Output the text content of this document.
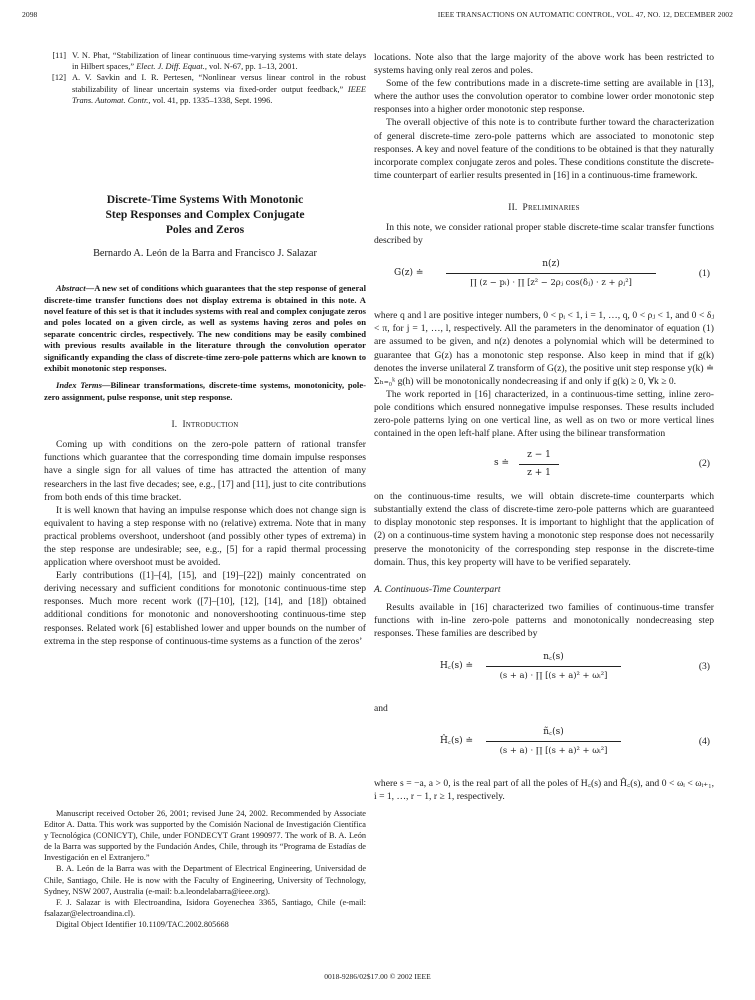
2098	IEEE TRANSACTIONS ON AUTOMATIC CONTROL, VOL. 47, NO. 12, DECEMBER 2002
[11] V. N. Phat, “Stabilization of linear continuous time-varying systems with state delays in Hilbert spaces,” Elect. J. Diff. Equat., vol. N-67, pp. 1–13, 2001.
[12] A. V. Savkin and I. R. Pertesen, “Nonlinear versus linear control in the robust stabilizability of linear uncertain systems via fixed-order output feedback,” IEEE Trans. Automat. Contr., vol. 41, pp. 1335–1338, Sept. 1996.
Discrete-Time Systems With Monotonic
Step Responses and Complex Conjugate
Poles and Zeros
Bernardo A. León de la Barra and Francisco J. Salazar

Abstract—A new set of conditions which guarantees that the step response of general discrete-time transfer functions does not display extrema is obtained in this note. A novel feature of this set is that it includes systems with real and complex conjugate zeros and poles located on a given circle, as well as systems having zeros and poles on separate concentric circles, respectively. The new conditions may be easily combined with previous results available in the literature through the convolution operator significantly expanding the class of discrete-time zero-pole patterns which are known to exhibit monotonic step responses.

Index Terms—Bilinear transformations, discrete-time systems, monotonicity, pole-zero assignment, pulse response, unit step response.

I. Introduction

Coming up with conditions on the zero-pole pattern of rational transfer functions which guarantee that the corresponding time domain impulse responses have a single sign for all values of time has attracted the attention of many researchers in the last five decades; see, e.g., [17] and [11], just to cite contributions from both ends of this time bracket.

It is well known that having an impulse response which does not change sign is equivalent to having a step response with no (relative) extrema. Note that in many practical problems overshoot, undershoot (and possibly other types of extrema) in the step response are undesirable; see, e.g., [5] for a rapid thermal processing application where overshoot must be avoided.

Early contributions ([1]–[4], [15], and [19]–[22]) mainly concentrated on deriving necessary and sufficient conditions for monotonic continuous-time step responses. Much more recent work ([7]–[10], [12], [14], and [18]) obtained additional conditions for monotonic and nonovershooting continuous-time step responses. Related work [6] established lower and upper bounds on the number of extrema in the step response of continuous-time systems as a function of the zeros’

Manuscript received October 26, 2001; revised June 24, 2002. Recommended by Associate Editor A. Datta. This work was supported by the Comisión Nacional de Investigación Científica y Tecnológica (CONICYT), Chile, under FONDECYT Grant 1990977. The work of B. A. León de la Barra was supported by the Fundación Andes, Chile, through its “Programa de Estadías de Investigación en el Extranjero.”

B. A. León de la Barra was with the Department of Electrical Engineering, Universidad de Chile, Santiago, Chile. He is now with the Faculty of Engineering, University of Technology, Sydney, NSW 2007, Australia (e-mail: b.a.leondelabarra@ieee.org).

F. J. Salazar is with Electroandina, Isidora Goyenechea 3365, Santiago, Chile (e-mail: fsalazar@electroandina.cl).

Digital Object Identifier 10.1109/TAC.2002.805668

locations. Note also that the large majority of the above work has been restricted to systems having only real zeros and poles.

Some of the few contributions made in a discrete-time setting are available in [13], where the author uses the convolution operator to combine lower order monotonic step responses into a higher order monotonic step response.

The overall objective of this note is to contribute further toward the characterization of general discrete-time zero-pole patterns which are associated to monotonic step responses. A key and novel feature of the conditions to be obtained is that they naturally incorporate complex conjugate zeros and poles. These conditions constitute the discrete-time counterpart of earlier results presented in [16] in a continuous-time framework.

II. Preliminaries

In this note, we consider rational proper stable discrete-time scalar transfer functions described by

G(z) ≐	$\frac{n(z)}{\text{∏ (z − pᵢ) · ∏ [z² − 2ρⱼ cos(δⱼ) · z + ρⱼ²]}}$	(1)

where q and l are positive integer numbers, 0 < pᵢ < 1, i = 1, …, q, 0 < ρⱼ < 1, and 0 < δⱼ < π, for j = 1, …, l, respectively. All the parameters in the denominator of equation (1) are assumed to be given, and n(z) denotes a polynomial which will be determined to guarantee that G(z) has a monotonic step response. Also keep in mind that if g(k) denotes the inverse unilateral Z transform of G(z), the positive unit step response y(k) ≐ Σₕ₌₀ᵏ g(h) will be monotonically nondecreasing if and only if g(k) ≥ 0, ∀k ≥ 0.

The work reported in [16] characterized, in a continuous-time setting, inline zero-pole conditions which ensured nonnegative impulse responses. These results included zero-pole patterns lying on one vertical line, as well as on two or more vertical lines contained in the open left-half plane. After using the bilinear transformation

s ≐ $\frac{z - 1}{z + 1}$	(2)

on the continuous-time results, we will obtain discrete-time counterparts which substantially extend the class of discrete-time zero-pole patterns which are guaranteed to display monotonic step responses. It is important to highlight that the application of (2) on a continuous-time system having a monotonic step response does not necessarily preserve the monotonicity of the corresponding step response in the discrete-time domain. Thus, this key property will have to be verified separately.

A. Continuous-Time Counterpart

Results available in [16] characterized two families of continuous-time transfer functions with in-line zero-pole patterns and monotonically nondecreasing step responses. These families are described by

H꜀(s) ≐ $\frac{n꜀(s)}{\text{(s + a) · ∏ [(s + a)² + ωᵢ²]}}$	(3)

and

Ĥ꜀(s) ≐ $\frac{ñ꜀(s)}{\text{(s + a) · ∏ [(s + a)² + ωᵢ²]}}$	(4)

where s = −a, a > 0, is the real part of all the poles of H꜀(s) and Ĥ꜀(s), and 0 < ωᵢ < ωᵢ₊₁, i = 1, …, r − 1, r ≥ 1, respectively.

0018-9286/02$17.00 © 2002 IEEE
